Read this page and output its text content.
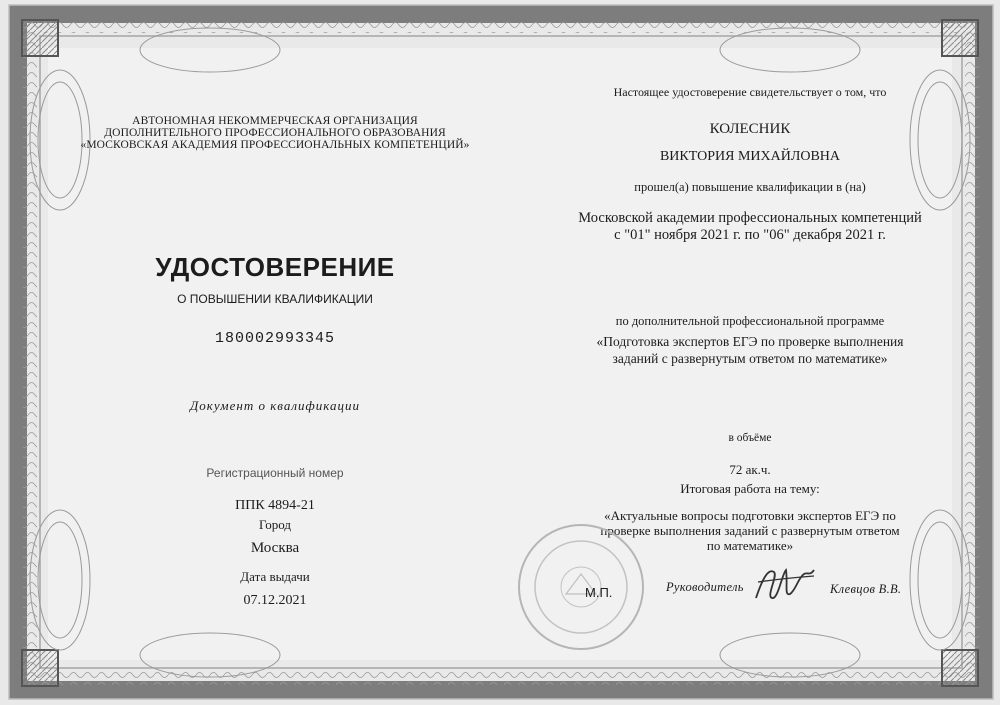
АВТОНОМНАЯ НЕКОММЕРЧЕСКАЯ ОРГАНИЗАЦИЯ
ДОПОЛНИТЕЛЬНОГО ПРОФЕССИОНАЛЬНОГО ОБРАЗОВАНИЯ
«МОСКОВСКАЯ АКАДЕМИЯ ПРОФЕССИОНАЛЬНЫХ КОМПЕТЕНЦИЙ»
УДОСТОВЕРЕНИЕ
О ПОВЫШЕНИИ КВАЛИФИКАЦИИ
180002993345
Документ о квалификации
Регистрационный номер
ППК 4894-21
Город
Москва
Дата выдачи
07.12.2021
Настоящее удостоверение свидетельствует о том, что
КОЛЕСНИК
ВИКТОРИЯ МИХАЙЛОВНА
прошел(а) повышение квалификации в (на)
Московской академии профессиональных компетенций
с "01" ноября 2021 г. по "06" декабря 2021 г.
по дополнительной профессиональной программе
«Подготовка экспертов ЕГЭ по проверке выполнения
заданий с развернутым ответом по математике»
в объёме
72 ак.ч.
Итоговая работа на тему:
«Актуальные вопросы подготовки экспертов ЕГЭ по
проверке выполнения заданий с развернутым ответом
по математике»
М.П.	Руководитель	Клевцов В.В.
